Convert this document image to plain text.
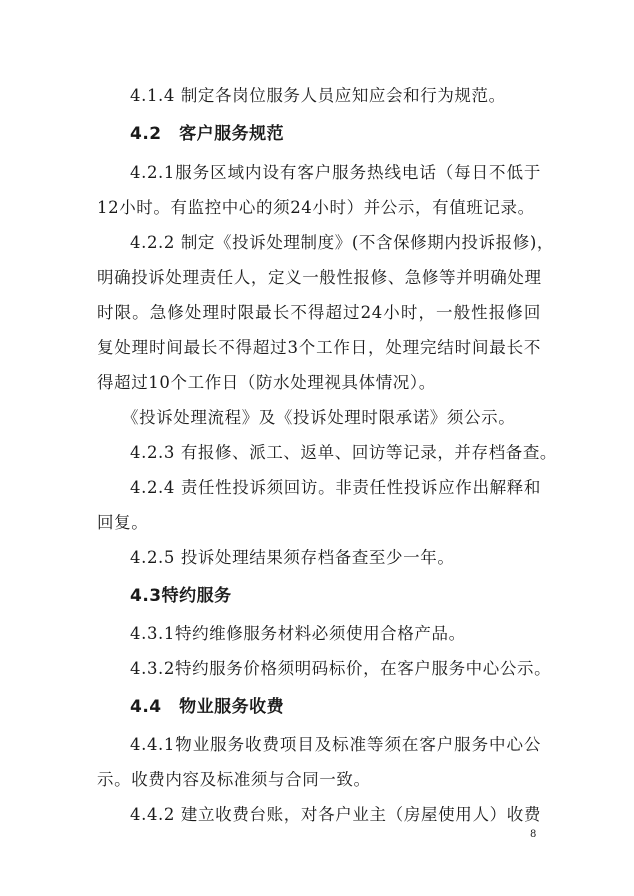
4.1.4 制定各岗位服务人员应知应会和行为规范。
4.2　客户服务规范
4.2.1服务区域内设有客户服务热线电话（每日不低于
12小时。有监控中心的须24小时）并公示，有值班记录。
4.2.2 制定《投诉处理制度》(不含保修期内投诉报修)，
明确投诉处理责任人，定义一般性报修、急修等并明确处理
时限。急修处理时限最长不得超过24小时，一般性报修回
复处理时间最长不得超过3个工作日，处理完结时间最长不
得超过10个工作日（防水处理视具体情况）。
《投诉处理流程》及《投诉处理时限承诺》须公示。
4.2.3 有报修、派工、返单、回访等记录，并存档备查。
4.2.4 责任性投诉须回访。非责任性投诉应作出解释和
回复。
4.2.5 投诉处理结果须存档备查至少一年。
4.3特约服务
4.3.1特约维修服务材料必须使用合格产品。
4.3.2特约服务价格须明码标价，在客户服务中心公示。
4.4　物业服务收费
4.4.1物业服务收费项目及标准等须在客户服务中心公
示。收费内容及标准须与合同一致。
4.4.2 建立收费台账，对各户业主（房屋使用人）收费
8
